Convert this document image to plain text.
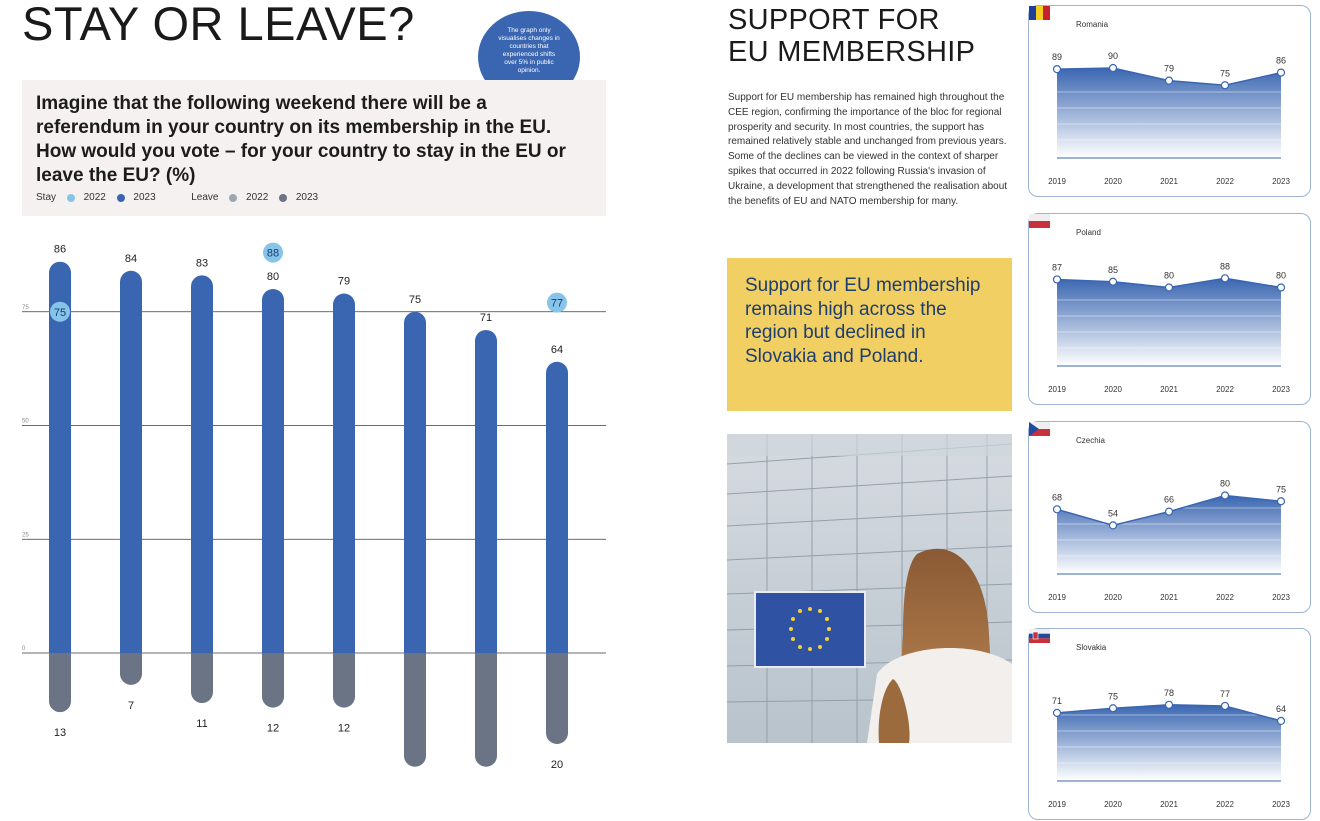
STAY OR LEAVE?	The graph only visualises changes in countries that experienced shifts over 5% in public opinion.
Imagine that the following weekend there will be a referendum in your country on its membership in the EU. How would you vote – for your country to stay in the EU or leave the EU? (%)
Stay	2022	2023	Leave	2022	2023
75
50
25
0
86
75
13
84
7
83
11
80
88
12
79
12
75
71
64
77
20
SUPPORT FOR
EU MEMBERSHIP
Support for EU membership has remained high throughout the CEE region, confirming the importance of the bloc for regional prosperity and security. In most countries, the support has remained relatively stable and unchanged from previous years. Some of the declines can be viewed in the context of sharper spikes that occurred in 2022 following Russia's invasion of Ukraine, a development that strengthened the realisation about the benefits of EU and NATO membership for many.
Support for EU membership remains high across the region but declined in Slovakia and Poland.
Romania
89
2019
90
2020
79
2021
75
2022
86
2023
Poland
87
2019
85
2020
80
2021
88
2022
80
2023
Czechia
68
2019
54
2020
66
2021
80
2022
75
2023
Slovakia
71
2019
75
2020
78
2021
77
2022
64
2023
